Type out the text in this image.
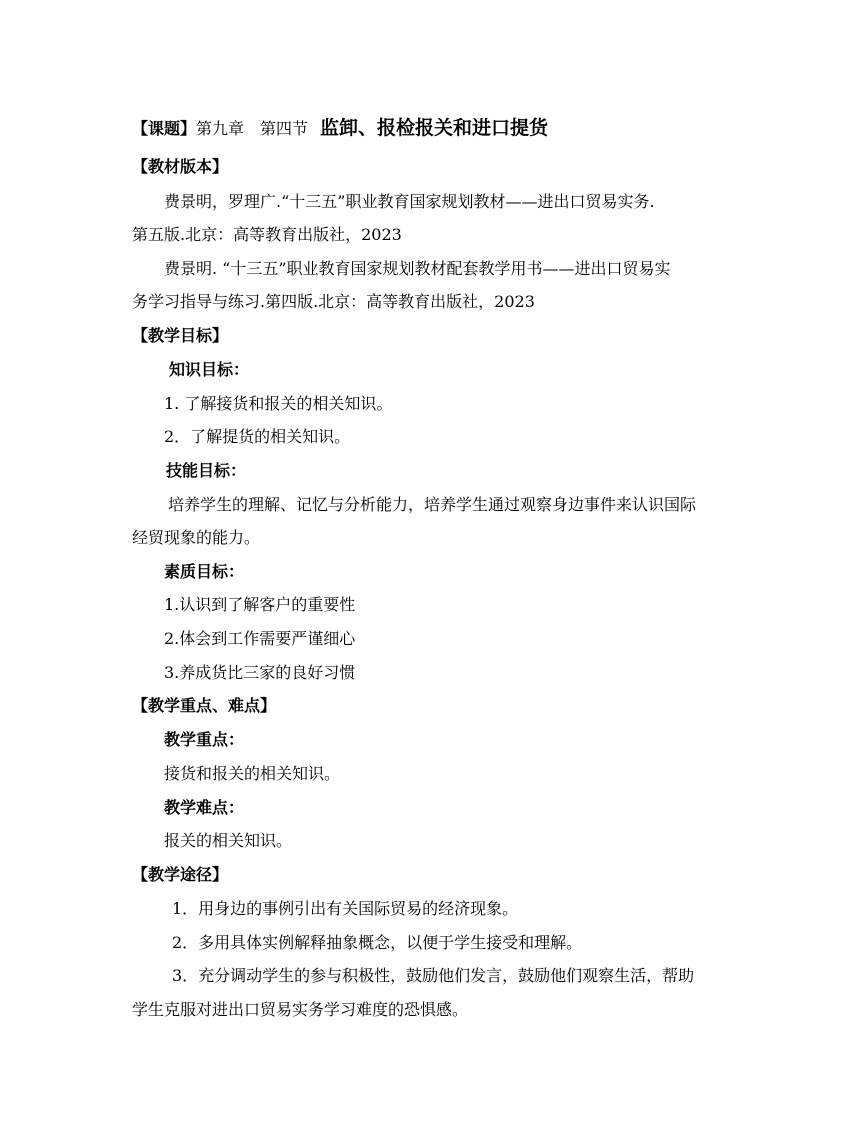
【课题】第九章 第四节 监卸、报检报关和进口提货
【教材版本】
费景明，罗理广.“十三五”职业教育国家规划教材——进出口贸易实务.
第五版.北京：高等教育出版社，2023
费景明. “十三五”职业教育国家规划教材配套教学用书——进出口贸易实
务学习指导与练习.第四版.北京：高等教育出版社，2023
【教学目标】
知识目标：
1. 了解接货和报关的相关知识。
2．了解提货的相关知识。
技能目标：
培养学生的理解、记忆与分析能力，培养学生通过观察身边事件来认识国际
经贸现象的能力。
素质目标：
1.认识到了解客户的重要性
2.体会到工作需要严谨细心
3.养成货比三家的良好习惯
【教学重点、难点】
教学重点：
接货和报关的相关知识。
教学难点：
报关的相关知识。
【教学途径】
1．用身边的事例引出有关国际贸易的经济现象。
2．多用具体实例解释抽象概念，以便于学生接受和理解。
3．充分调动学生的参与积极性，鼓励他们发言，鼓励他们观察生活，帮助
学生克服对进出口贸易实务学习难度的恐惧感。
